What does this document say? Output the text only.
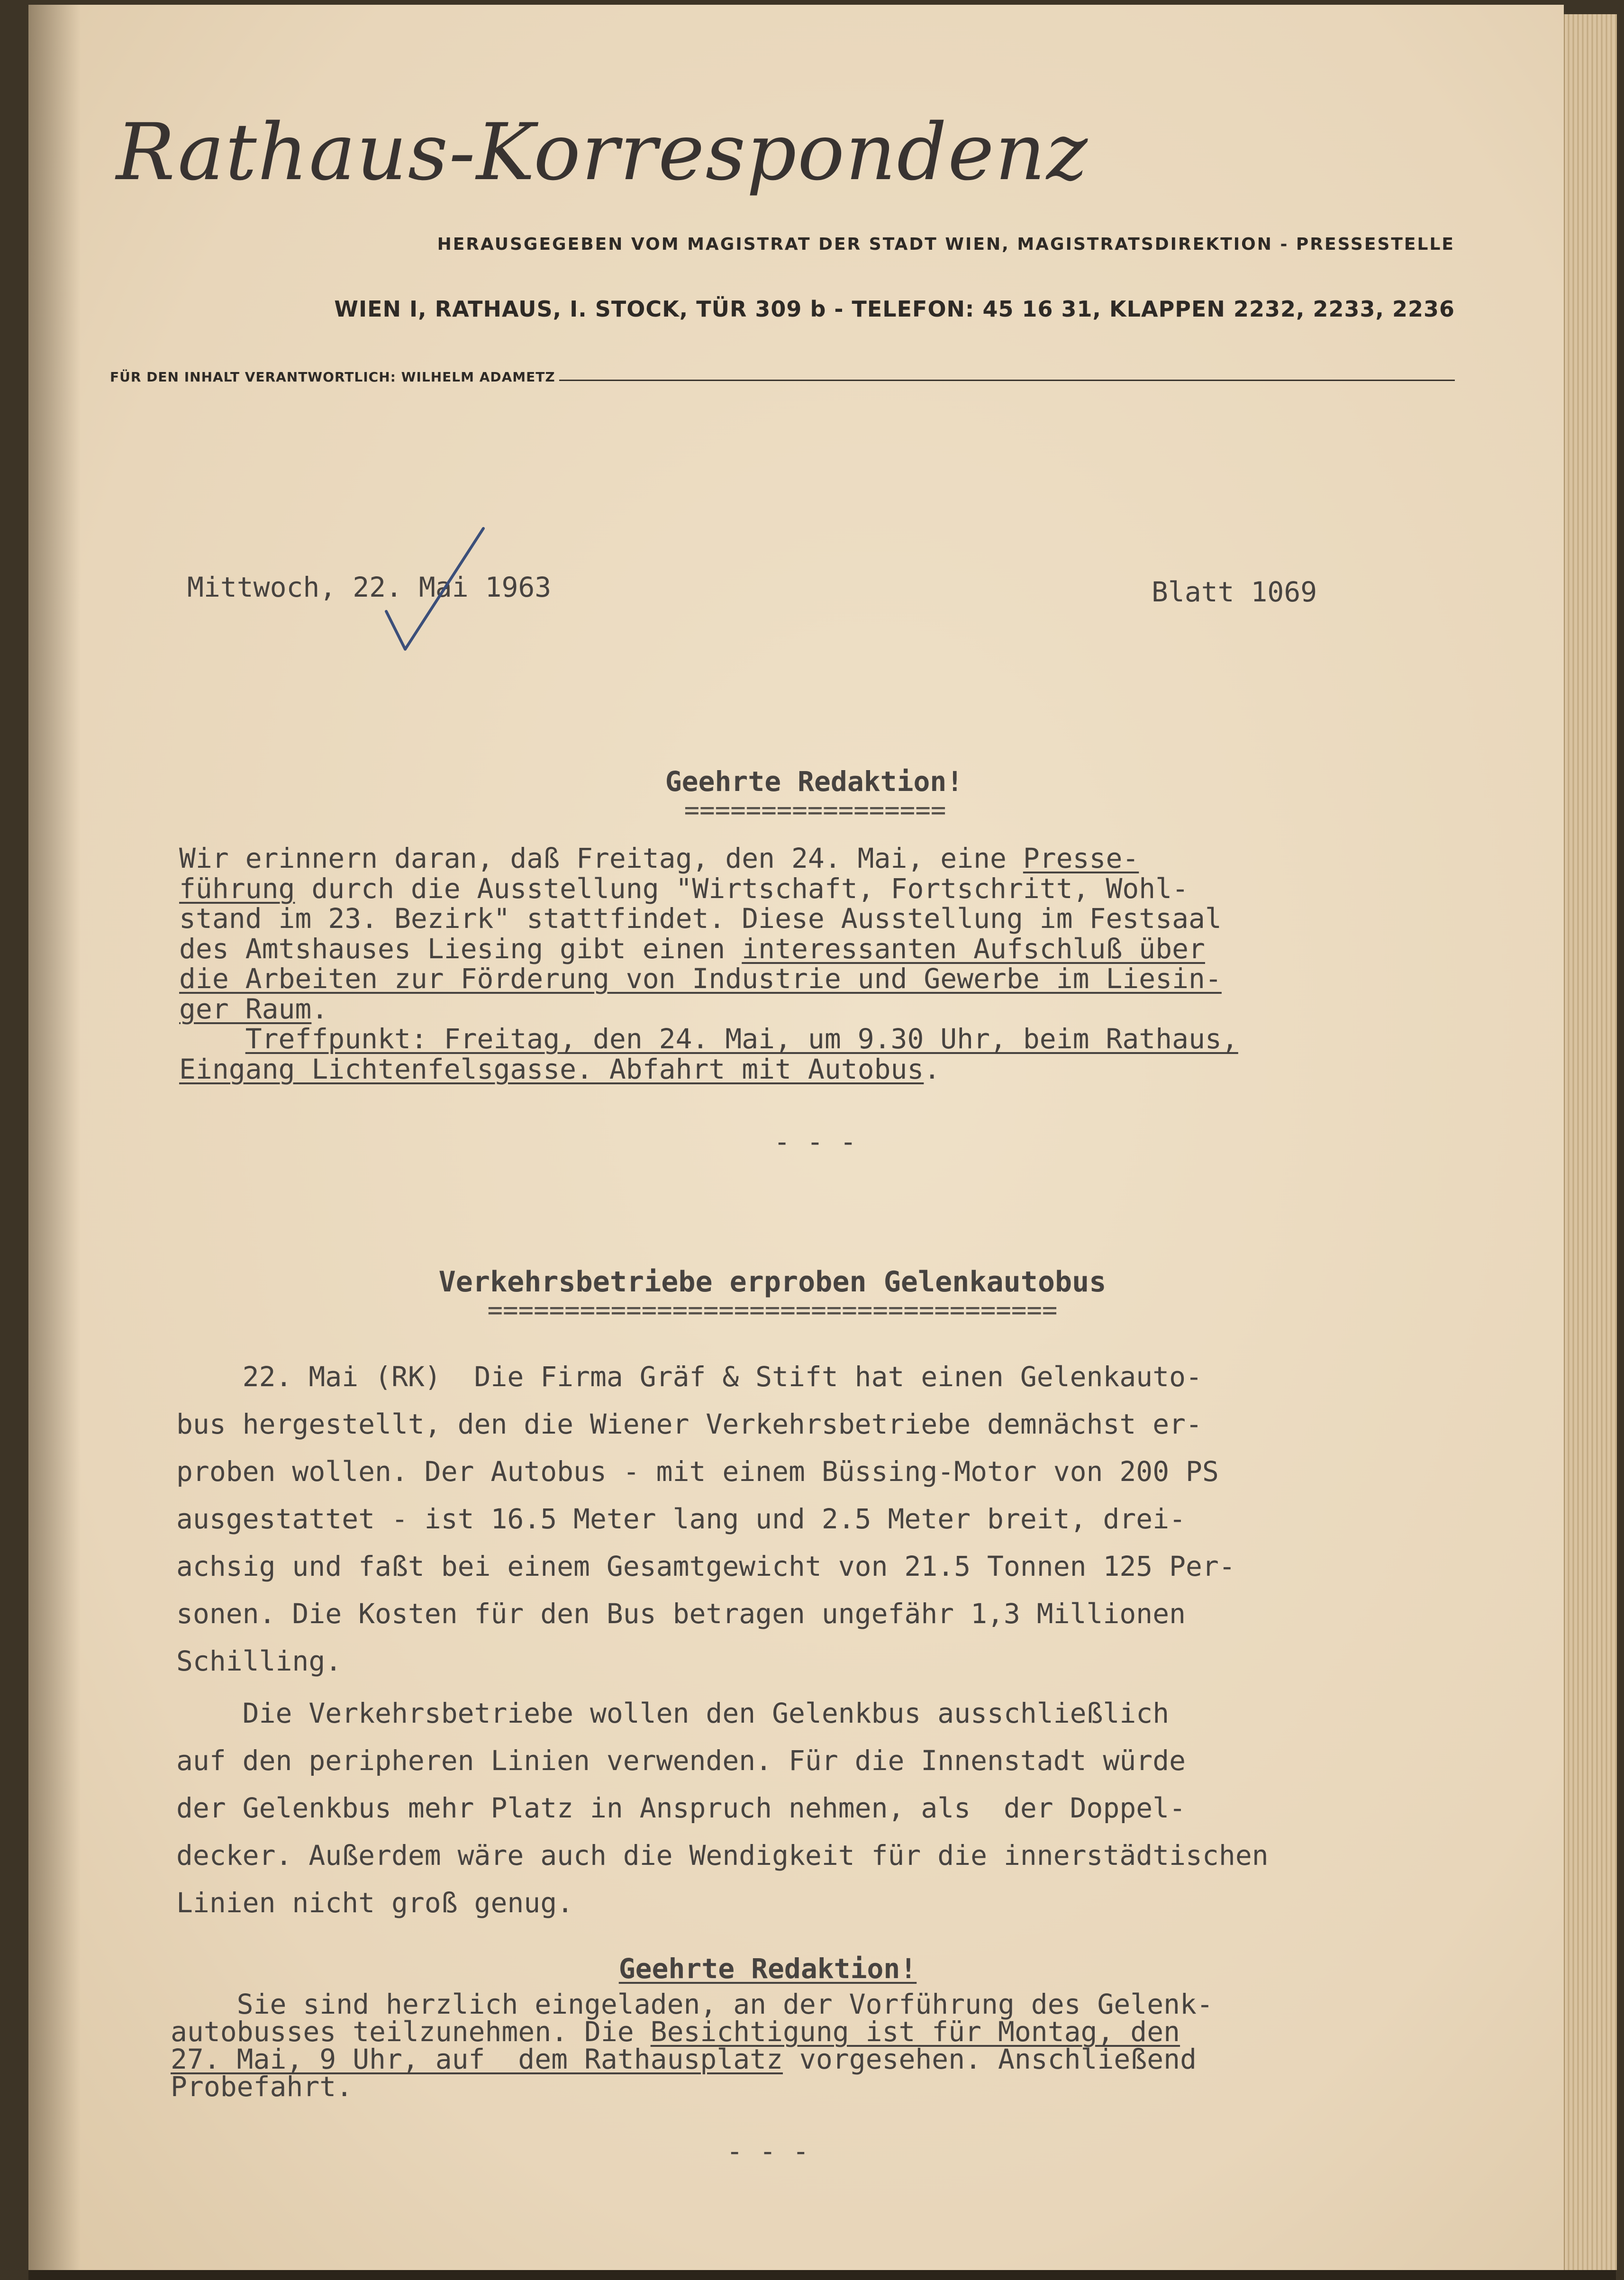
Rathaus-Korrespondenz

HERAUSGEGEBEN VOM MAGISTRAT DER STADT WIEN, MAGISTRATSDIREKTION - PRESSESTELLE

WIEN I, RATHAUS, I. STOCK, TÜR 309 b - TELEFON: 45 16 31, KLAPPEN 2232, 2233, 2236

FÜR DEN INHALT VERANTWORTLICH: WILHELM ADAMETZ

Mittwoch, 22. Mai 1963	Blatt 1069

Geehrte Redaktion!
=================
Wir erinnern daran, daß Freitag, den 24. Mai, eine Presse-
führung durch die Ausstellung "Wirtschaft, Fortschritt, Wohl-
stand im 23. Bezirk" stattfindet. Diese Ausstellung im Festsaal
des Amtshauses Liesing gibt einen interessanten Aufschluß über
die Arbeiten zur Förderung von Industrie und Gewerbe im Liesin-
ger Raum.
Treffpunkt: Freitag, den 24. Mai, um 9.30 Uhr, beim Rathaus,
Eingang Lichtenfelsgasse. Abfahrt mit Autobus.
- - -
Verkehrsbetriebe erproben Gelenkautobus
=====================================
22. Mai (RK)  Die Firma Gräf & Stift hat einen Gelenkauto-
bus hergestellt, den die Wiener Verkehrsbetriebe demnächst er-
proben wollen. Der Autobus - mit einem Büssing-Motor von 200 PS
ausgestattet - ist 16.5 Meter lang und 2.5 Meter breit, drei-
achsig und faßt bei einem Gesamtgewicht von 21.5 Tonnen 125 Per-
sonen. Die Kosten für den Bus betragen ungefähr 1,3 Millionen
Schilling.
Die Verkehrsbetriebe wollen den Gelenkbus ausschließlich
auf den peripheren Linien verwenden. Für die Innenstadt würde
der Gelenkbus mehr Platz in Anspruch nehmen, als  der Doppel-
decker. Außerdem wäre auch die Wendigkeit für die innerstädtischen
Linien nicht groß genug.
Geehrte Redaktion!
Sie sind herzlich eingeladen, an der Vorführung des Gelenk-
autobusses teilzunehmen. Die Besichtigung ist für Montag, den
27. Mai, 9 Uhr, auf  dem Rathausplatz vorgesehen. Anschließend
Probefahrt.
- - -
